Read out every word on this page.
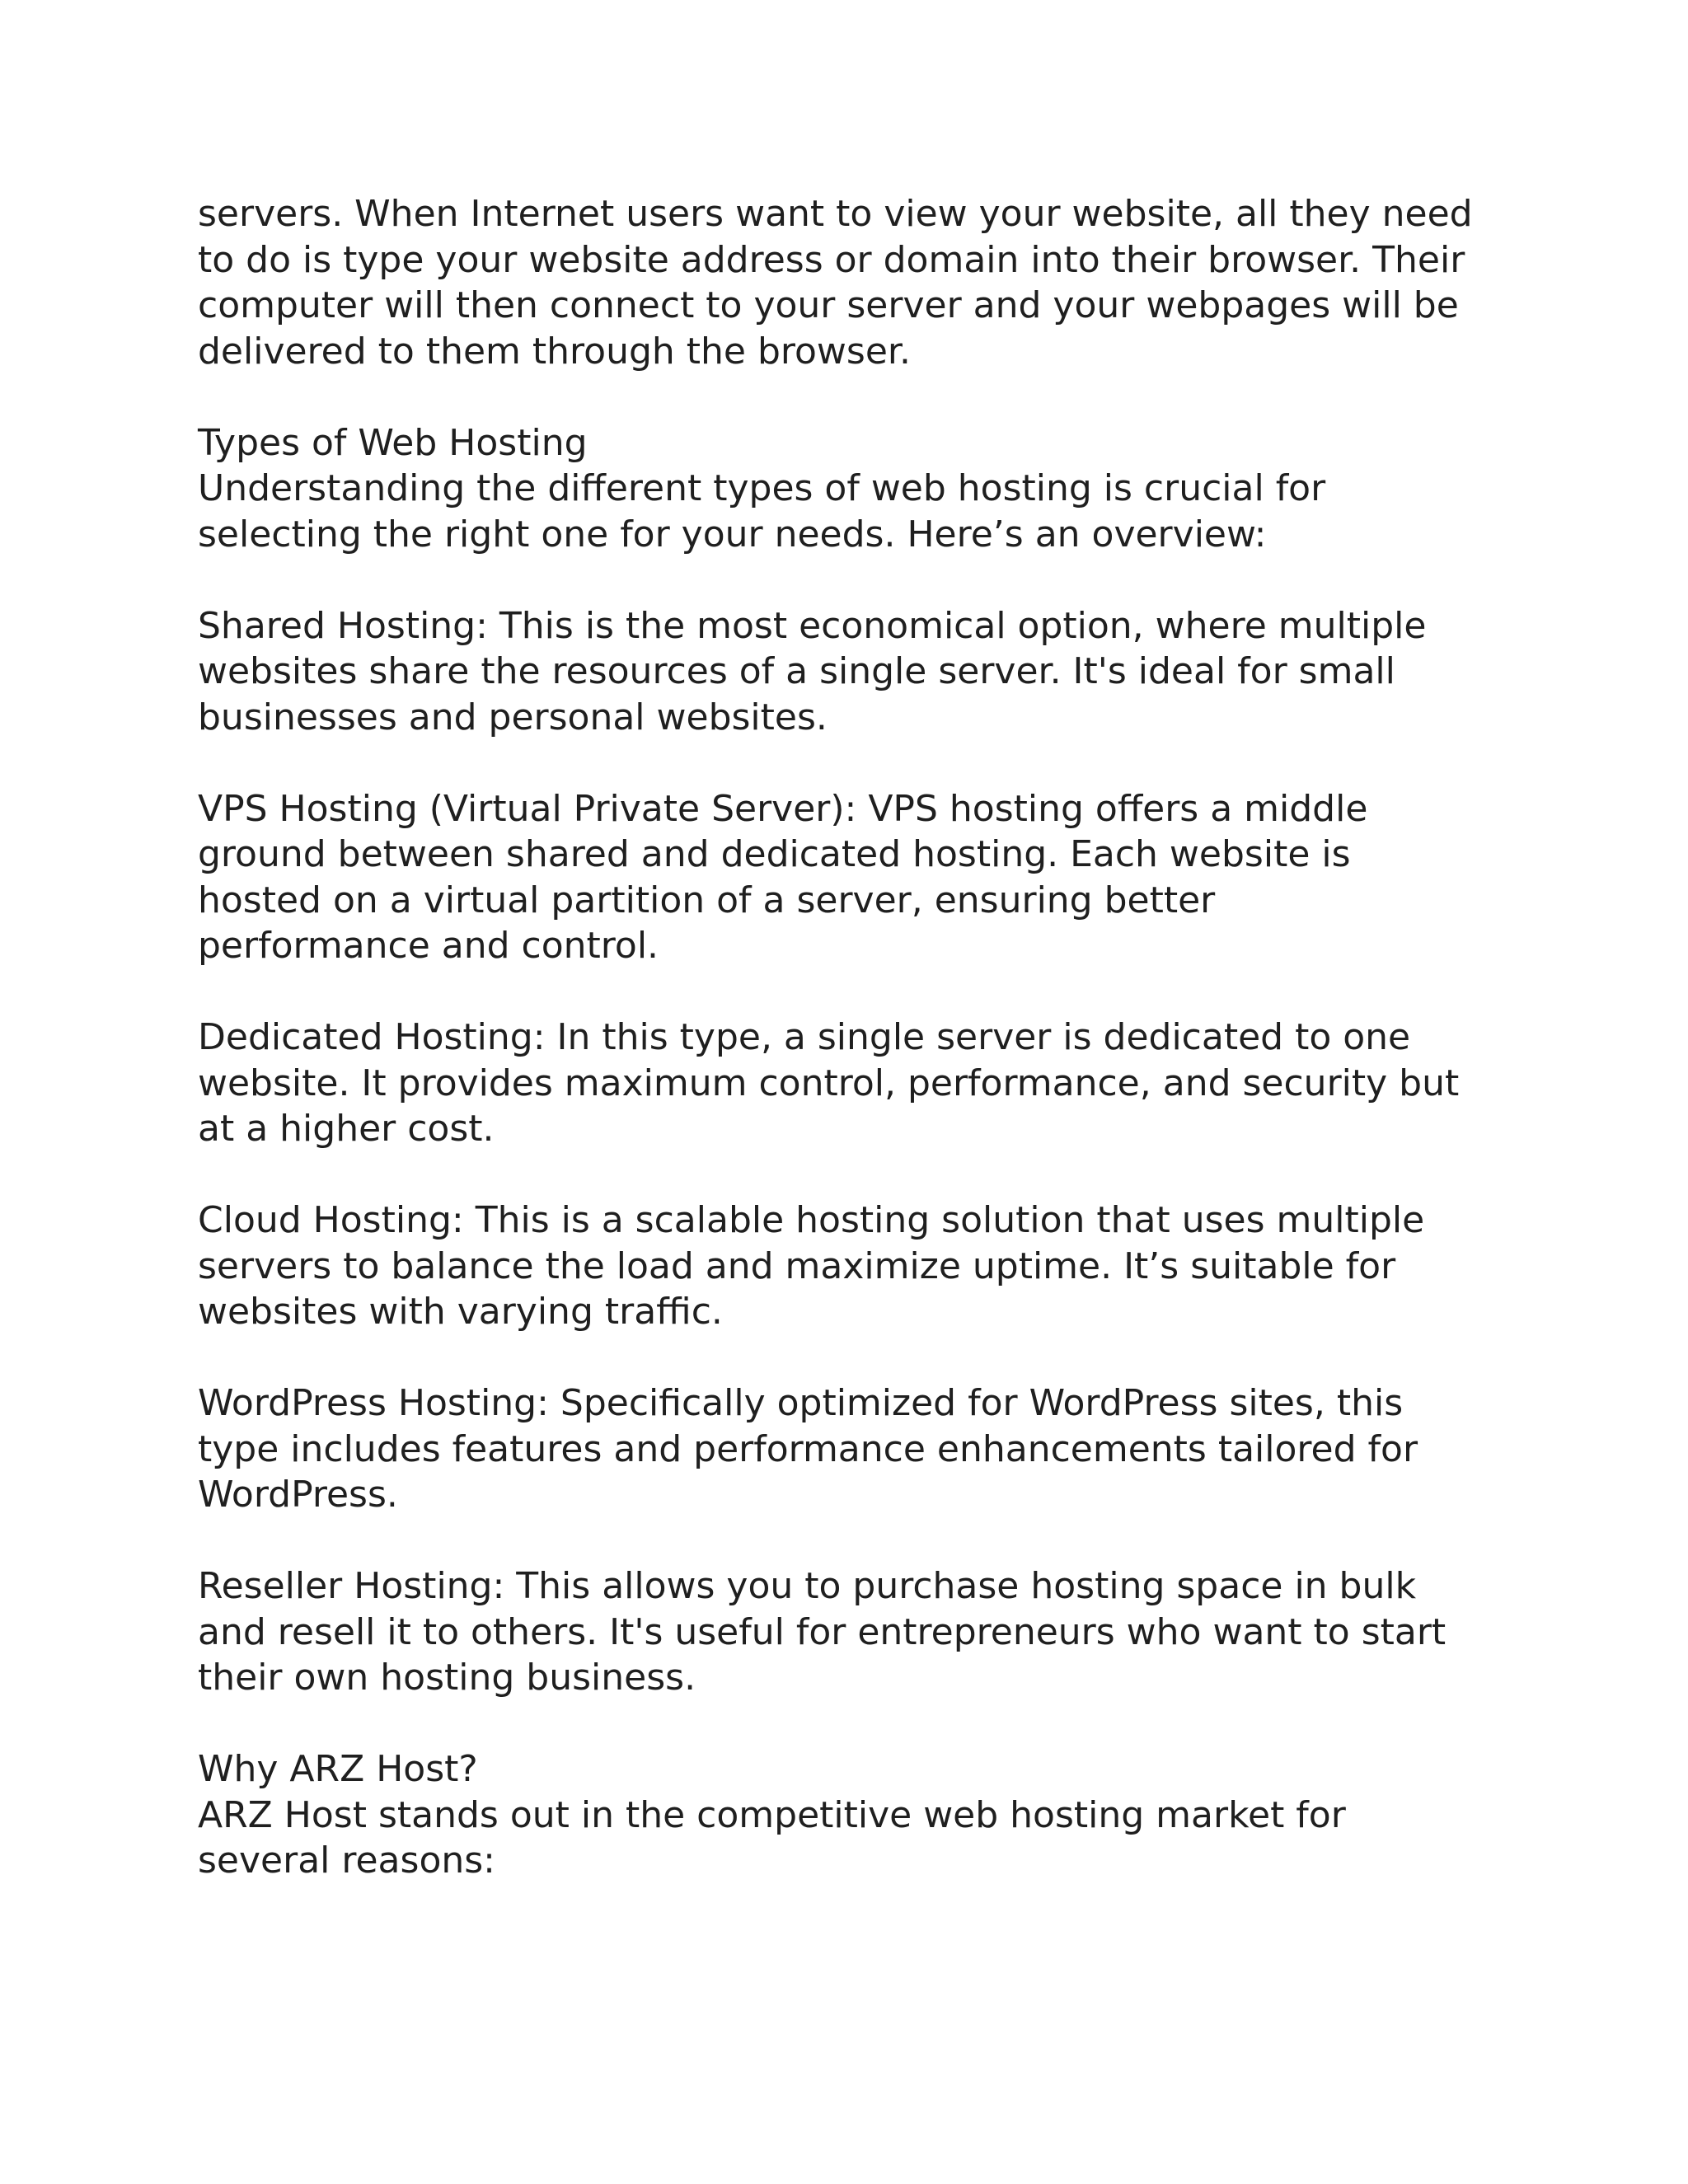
servers. When Internet users want to view your website, all they need
to do is type your website address or domain into their browser. Their
computer will then connect to your server and your webpages will be
delivered to them through the browser.
Types of Web Hosting
Understanding the different types of web hosting is crucial for
selecting the right one for your needs. Here’s an overview:
Shared Hosting: This is the most economical option, where multiple
websites share the resources of a single server. It's ideal for small
businesses and personal websites.
VPS Hosting (Virtual Private Server): VPS hosting offers a middle
ground between shared and dedicated hosting. Each website is
hosted on a virtual partition of a server, ensuring better
performance and control.
Dedicated Hosting: In this type, a single server is dedicated to one
website. It provides maximum control, performance, and security but
at a higher cost.
Cloud Hosting: This is a scalable hosting solution that uses multiple
servers to balance the load and maximize uptime. It’s suitable for
websites with varying traffic.
WordPress Hosting: Specifically optimized for WordPress sites, this
type includes features and performance enhancements tailored for
WordPress.
Reseller Hosting: This allows you to purchase hosting space in bulk
and resell it to others. It's useful for entrepreneurs who want to start
their own hosting business.
Why ARZ Host?
ARZ Host stands out in the competitive web hosting market for
several reasons:
